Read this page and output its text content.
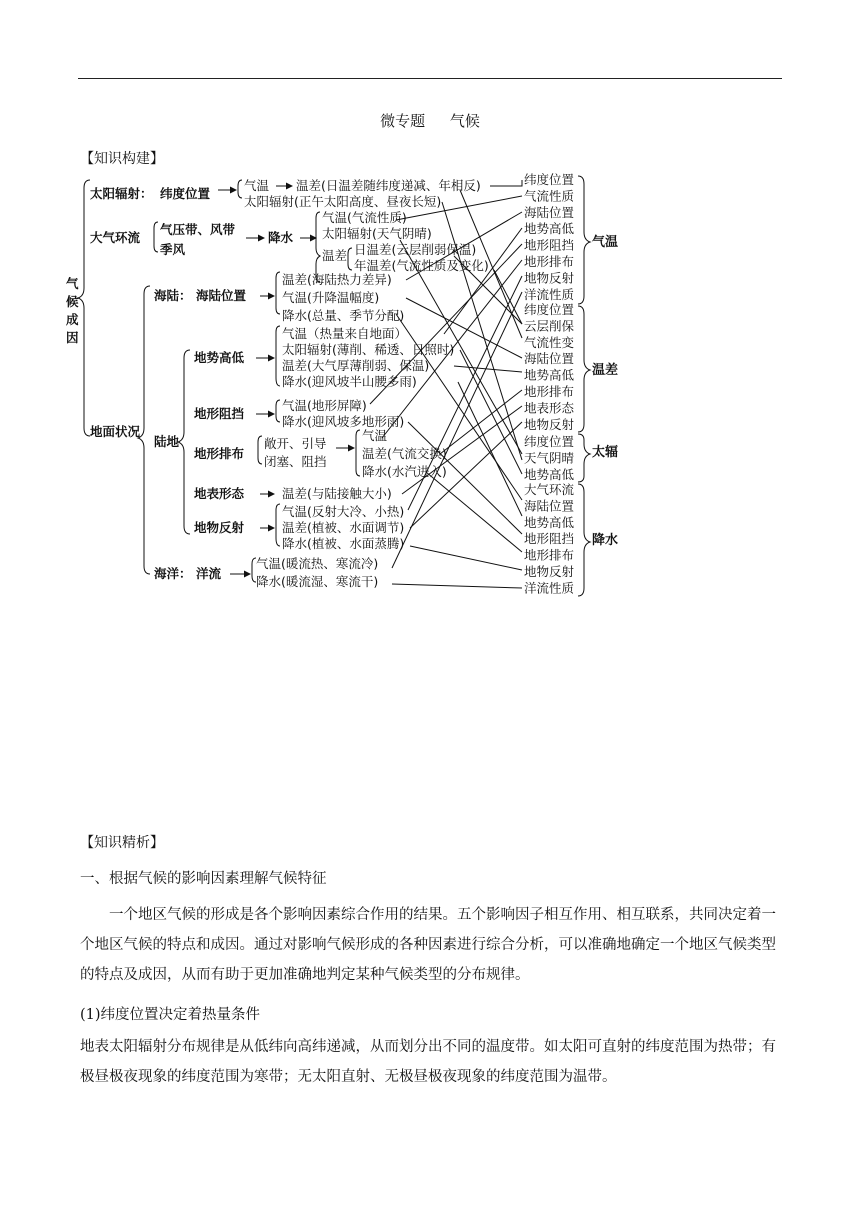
微专题 气候
【知识构建】
气
候
成
因
太阳辐射： 纬度位置
气温 温差(日温差随纬度递减、年相反)
太阳辐射(正午太阳高度、昼夜长短)
大气环流
气压带、风带
季风
降水
气温(气流性质)
太阳辐射(天气阴晴)
温差 日温差(云层削弱保温)
年温差(气流性质及变化)
海陆： 海陆位置
温差(海陆热力差异)
气温(升降温幅度)
降水(总量、季节分配)
地面状况
陆地
地势高低
气温（热量来自地面）
太阳辐射(薄削、稀透、日照时)
温差(大气厚薄削弱、保温)
降水(迎风坡半山腰多雨)
地形阻挡
气温(地形屏障)
降水(迎风坡多地形雨)
地形排布
敞开、引导
闭塞、阻挡
气温
温差(气流交换)
降水(水汽进入)
地表形态	温差(与陆接触大小)
地物反射
气温(反射大冷、小热)
温差(植被、水面调节)
降水(植被、水面蒸腾)
海洋： 洋流
气温(暖流热、寒流冷)
降水(暖流湿、寒流干)
纬度位置
气流性质
海陆位置
地势高低
地形阻挡
地形排布
地物反射
洋流性质
气温
纬度位置
云层削保
气流性变
海陆位置
地势高低
地形排布
地表形态
地物反射
温差
纬度位置
天气阴晴
地势高低
太辐
大气环流
海陆位置
地势高低
地形阻挡
地形排布
地物反射
洋流性质
降水
【知识精析】
一、根据气候的影响因素理解气候特征
一个地区气候的形成是各个影响因素综合作用的结果。五个影响因子相互作用、相互联系，共同决定着一个地区气候的特点和成因。通过对影响气候形成的各种因素进行综合分析，可以准确地确定一个地区气候类型的特点及成因，从而有助于更加准确地判定某种气候类型的分布规律。
(1)纬度位置决定着热量条件
地表太阳辐射分布规律是从低纬向高纬递减，从而划分出不同的温度带。如太阳可直射的纬度范围为热带；有极昼极夜现象的纬度范围为寒带；无太阳直射、无极昼极夜现象的纬度范围为温带。
